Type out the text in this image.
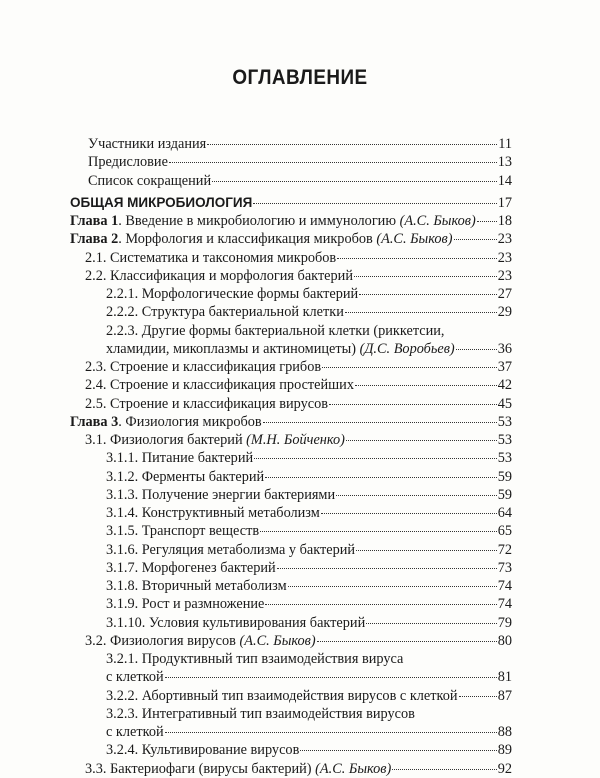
ОГЛАВЛЕНИЕ
Участники издания	11
Предисловие	13
Список сокращений	14
ОБЩАЯ МИКРОБИОЛОГИЯ	17
Глава 1. Введение в микробиологию и иммунологию (А.С. Быков) 18
Глава 2. Морфология и классификация микробов (А.С. Быков)	23
2.1. Систематика и таксономия микробов	23
2.2. Классификация и морфология бактерий	23
2.2.1. Морфологические формы бактерий	27
2.2.2. Структура бактериальной клетки	29
2.2.3. Другие формы бактериальной клетки (риккетсии,
хламидии, микоплазмы и актиномицеты) (Д.С. Воробьев)	36
2.3. Строение и классификация грибов	37
2.4. Строение и классификация простейших	42
2.5. Строение и классификация вирусов	45
Глава 3. Физиология микробов	53
3.1. Физиология бактерий (М.Н. Бойченко)	53
3.1.1. Питание бактерий	53
3.1.2. Ферменты бактерий	59
3.1.3. Получение энергии бактериями	59
3.1.4. Конструктивный метаболизм	64
3.1.5. Транспорт веществ	65
3.1.6. Регуляция метаболизма у бактерий	72
3.1.7. Морфогенез бактерий	73
3.1.8. Вторичный метаболизм	74
3.1.9. Рост и размножение	74
3.1.10. Условия культивирования бактерий	79
3.2. Физиология вирусов (А.С. Быков)	80
3.2.1. Продуктивный тип взаимодействия вируса
с клеткой	81
3.2.2. Абортивный тип взаимодействия вирусов с клеткой	87
3.2.3. Интегративный тип взаимодействия вирусов
с клеткой	88
3.2.4. Культивирование вирусов	89
3.3. Бактериофаги (вирусы бактерий) (А.С. Быков)	92
